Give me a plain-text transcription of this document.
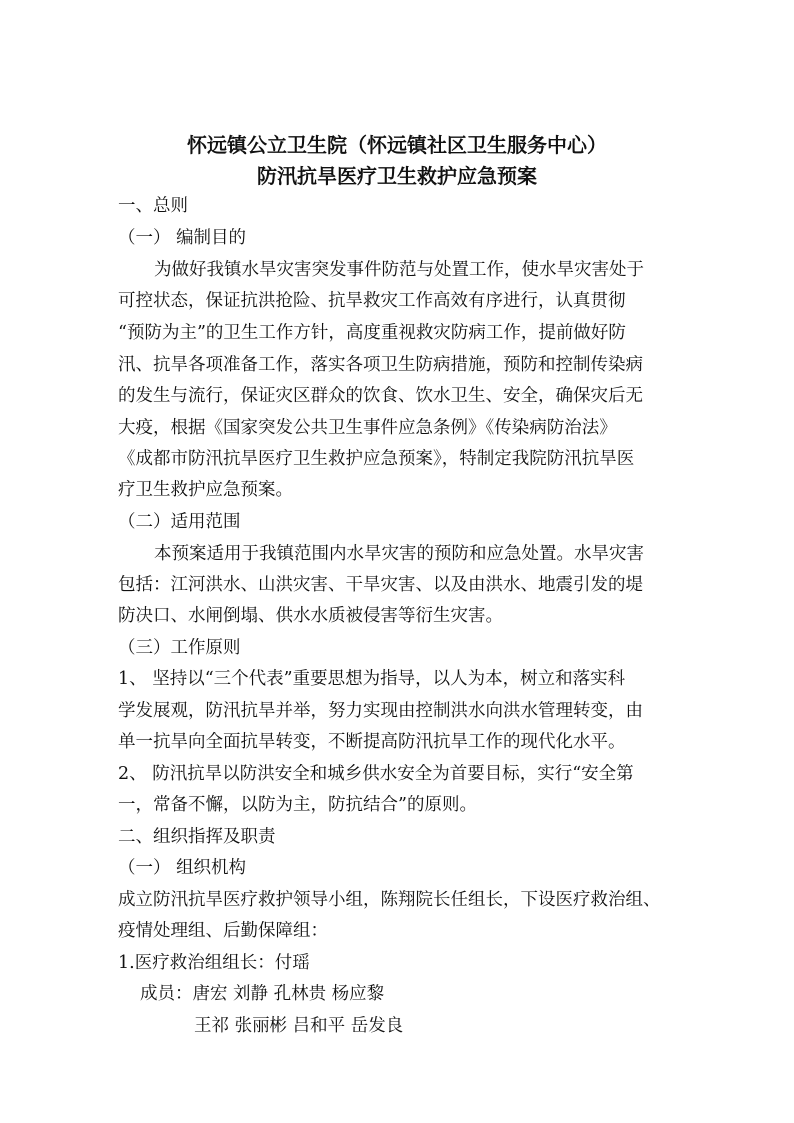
怀远镇公立卫生院（怀远镇社区卫生服务中心）
防汛抗旱医疗卫生救护应急预案
一、总则
（一） 编制目的
为做好我镇水旱灾害突发事件防范与处置工作，使水旱灾害处于
可控状态，保证抗洪抢险、抗旱救灾工作高效有序进行，认真贯彻
“预防为主”的卫生工作方针，高度重视救灾防病工作，提前做好防
汛、抗旱各项准备工作，落实各项卫生防病措施，预防和控制传染病
的发生与流行，保证灾区群众的饮食、饮水卫生、安全，确保灾后无
大疫，根据《国家突发公共卫生事件应急条例》《传染病防治法》
《成都市防汛抗旱医疗卫生救护应急预案》，特制定我院防汛抗旱医
疗卫生救护应急预案。
（二）适用范围
本预案适用于我镇范围内水旱灾害的预防和应急处置。水旱灾害
包括：江河洪水、山洪灾害、干旱灾害、以及由洪水、地震引发的堤
防决口、水闸倒塌、供水水质被侵害等衍生灾害。
（三）工作原则
1、 坚持以“三个代表”重要思想为指导，以人为本，树立和落实科
学发展观，防汛抗旱并举，努力实现由控制洪水向洪水管理转变，由
单一抗旱向全面抗旱转变，不断提高防汛抗旱工作的现代化水平。
2、 防汛抗旱以防洪安全和城乡供水安全为首要目标，实行“安全第
一，常备不懈，以防为主，防抗结合”的原则。
二、组织指挥及职责
（一） 组织机构
成立防汛抗旱医疗救护领导小组，陈翔院长任组长，下设医疗救治组、
疫情处理组、后勤保障组：
1.医疗救治组组长：付瑶
成员：唐宏 刘静 孔林贵 杨应黎
王祁 张丽彬 吕和平 岳发良
